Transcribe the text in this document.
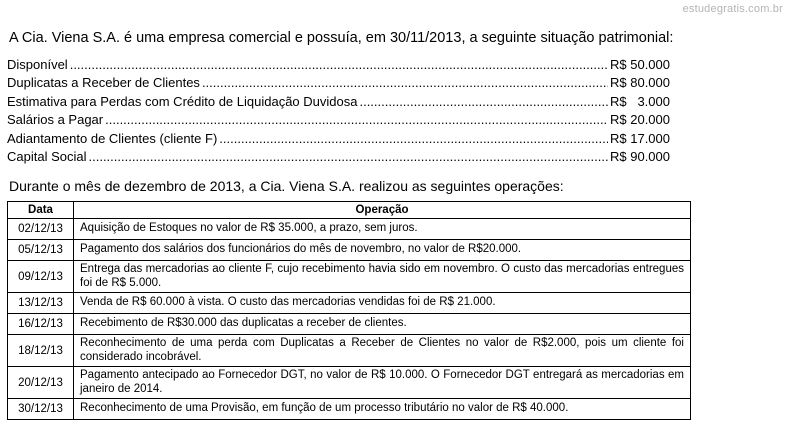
estudegratis.com.br
A Cia. Viena S.A. é uma empresa comercial e possuía, em 30/11/2013, a seguinte situação patrimonial:
Disponível .....	R$ 50.000
Duplicatas a Receber de Clientes .....	R$ 80.000
Estimativa para Perdas com Crédito de Liquidação Duvidosa .....	R$   3.000
Salários a Pagar .....	R$ 20.000
Adiantamento de Clientes (cliente F) .....	R$ 17.000
Capital Social .....	R$ 90.000
Durante o mês de dezembro de 2013, a Cia. Viena S.A. realizou as seguintes operações:
Data	Operação
02/12/13	Aquisição de Estoques no valor de R$ 35.000, a prazo, sem juros.
05/12/13	Pagamento dos salários dos funcionários do mês de novembro, no valor de R$20.000.
09/12/13	Entrega das mercadorias ao cliente F, cujo recebimento havia sido em novembro. O custo das mercadorias entregues foi de R$ 5.000.
13/12/13	Venda de R$ 60.000 à vista. O custo das mercadorias vendidas foi de R$ 21.000.
16/12/13	Recebimento de R$30.000 das duplicatas a receber de clientes.
18/12/13	Reconhecimento de uma perda com Duplicatas a Receber de Clientes no valor de R$2.000, pois um cliente foi considerado incobrável.
20/12/13	Pagamento antecipado ao Fornecedor DGT, no valor de R$ 10.000. O Fornecedor DGT entregará as mercadorias em janeiro de 2014.
30/12/13	Reconhecimento de uma Provisão, em função de um processo tributário no valor de R$ 40.000.
